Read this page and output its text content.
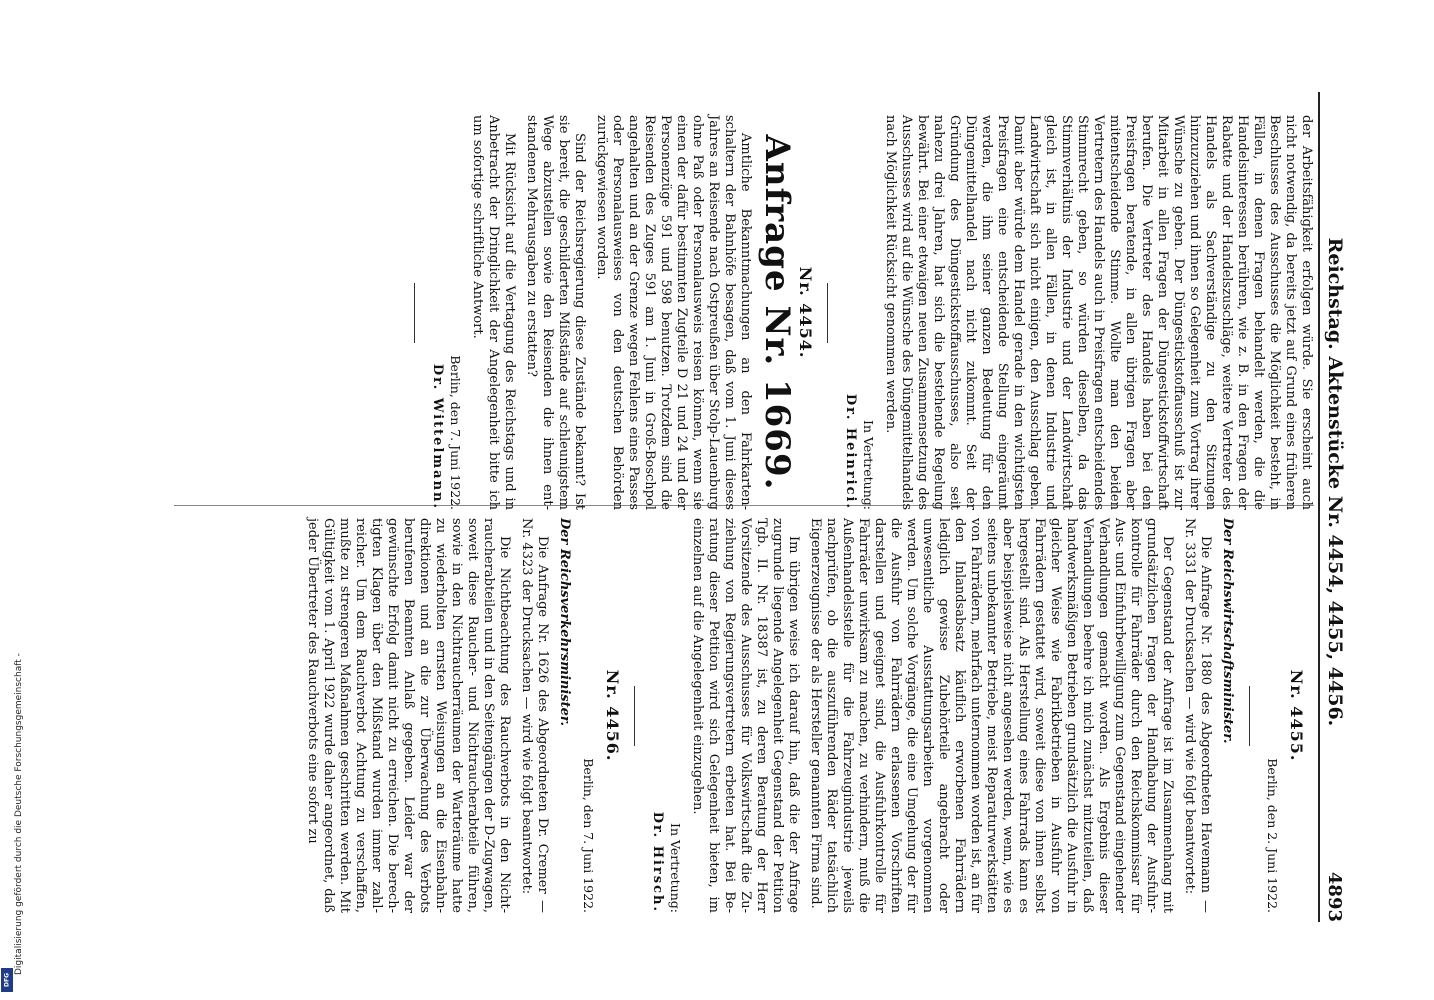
Reichstag. Aktenstücke Nr. 4454, 4455, 4456.
4893

der Arbeitsfähigkeit erfolgen würde. Sie erscheint auch nicht notwendig, da bereits jetzt auf Grund eines früheren Beschlusses des Ausschusses die Möglichkeit besteht, in Fällen, in denen Fragen behandelt werden, die die Handelsinteressen berühren, wie z. B. in den Fragen der Rabatte und der Handelszuschläge, weitere Vertreter des Handels als Sachverständige zu den Sitzungen hinzuzuziehen und ihnen so Gelegenheit zum Vortrag ihrer Wünsche zu geben. Der Düngestickstoffausschuß ist zur Mitarbeit in allen Fragen der Düngestickstoffwirtschaft berufen. Die Vertreter des Handels haben bei den Preisfragen beratende, in allen übrigen Fragen aber mitentscheidende Stimme. Wollte man den beiden Vertretern des Handels auch in Preisfragen entscheidendes Stimmrecht geben, so würden dieselben, da das Stimmverhältnis der Industrie und der Landwirtschaft gleich ist, in allen Fällen, in denen Industrie und Landwirtschaft sich nicht einigen, den Ausschlag geben. Damit aber würde dem Handel gerade in den wichtigsten Preisfragen eine entscheidende Stellung eingeräumt werden, die ihm seiner ganzen Bedeutung für den Düngemittelhandel nach nicht zukommt. Seit der Gründung des Düngestickstoffausschusses, also seit nahezu drei Jahren, hat sich die bestehende Regelung bewährt. Bei einer etwaigen neuen Zusammensetzung des Ausschusses wird auf die Wünsche des Düngemittelhandels nach Möglichkeit Rücksicht genommen werden.

In Vertretung:
Dr. Heinrici.
Nr. 4454.
Anfrage Nr. 1669.

Amtliche Bekanntmachungen an den Fahrkartenschaltern der Bahnhöfe besagen, daß vom 1. Juni dieses Jahres an Reisende nach Ostpreußen über Stolp-Lauenburg ohne Paß oder Personalausweis reisen können, wenn sie einen der dafür bestimmten Zugteile D 21 und 24 und der Personenzüge 591 und 598 benutzen. Trotzdem sind die Reisenden des Zuges 591 am 1. Juni in Groß-Boschpol angehalten und an der Grenze wegen Fehlens eines Passes oder Personalausweises von den deutschen Behörden zurückgewiesen worden.

Sind der Reichsregierung diese Zustände bekannt? Ist sie bereit, die geschilderten Mißstände auf schleunigstem Wege abzustellen sowie den Reisenden die ihnen entstandenen Mehrausgaben zu erstatten?

Mit Rücksicht auf die Vertagung des Reichstags und in Anbetracht der Dringlichkeit der Angelegenheit bitte ich um sofortige schriftliche Antwort.

Berlin, den 7. Juni 1922.
Dr. Wittelmann.
Nr. 4455.
Berlin, den 2. Juni 1922.
Der Reichswirtschaftsminister.

Die Anfrage Nr. 1880 des Abgeordneten Havemann — Nr. 3331 der Drucksachen — wird wie folgt beantwortet:

Der Gegenstand der Anfrage ist im Zusammenhang mit grundsätzlichen Fragen der Handhabung der Ausfuhrkontrolle für Fahrräder durch den Reichskommissar für Aus- und Einfuhrbewilligung zum Gegenstand eingehender Verhandlungen gemacht worden. Als Ergebnis dieser Verhandlungen beehre ich mich zunächst mitzuteilen, daß handwerksmäßigen Betrieben grundsätzlich die Ausfuhr in gleicher Weise wie Fabrikbetrieben in Ausfuhr von Fahrrädern gestattet wird, soweit diese von ihnen selbst hergestellt sind. Als Herstellung eines Fahrrads kann es aber beispielsweise nicht angesehen werden, wenn, wie es seitens unbekannter Betriebe, meist Reparaturwerkstätten von Fahrrädern, mehrfach unternommen worden ist, an für den Inlandsabsatz käuflich erworbenen Fahrrädern lediglich gewisse Zubehörteile angebracht oder unwesentliche Ausstattungsarbeiten vorgenommen werden. Um solche Vorgänge, die eine Umgehung der für die Ausfuhr von Fahrrädern erlassenen Vorschriften darstellen und geeignet sind, die Ausfuhrkontrolle für Fahrräder unwirksam zu machen, zu verhindern, muß die Außenhandelsstelle für die Fahrzeugindustrie jeweils nachprüfen, ob die auszuführenden Räder tatsächlich Eigenerzeugnisse der als Hersteller genannten Firma sind.

Im übrigen weise ich darauf hin, daß die der Anfrage zugrunde liegende Angelegenheit Gegenstand der Petition Tgb. II. Nr. 18387 ist, zu deren Beratung der Herr Vorsitzende des Ausschusses für Volkswirtschaft die Zuziehung von Regierungsvertretern erbeten hat. Bei Beratung dieser Petition wird sich Gelegenheit bieten, im einzelnen auf die Angelegenheit einzugehen.

In Vertretung:
Dr. Hirsch.
Nr. 4456.
Berlin, den 7. Juni 1922.
Der Reichsverkehrsminister.

Die Anfrage Nr. 1626 des Abgeordneten Dr. Cremer — Nr. 4323 der Drucksachen — wird wie folgt beantwortet:

Die Nichtbeachtung des Rauchverbots in den Nichtraucherabteilen und in den Seitengängen der D-Zugwagen, soweit diese Raucher- und Nichtraucherabteile führen, sowie in den Nichtraucherräumen der Warteräume hatte zu wiederholten ernsten Weisungen an die Eisenbahndirektionen und an die zur Überwachung des Verbots berufenen Beamten Anlaß gegeben. Leider war der gewünschte Erfolg damit nicht zu erreichen. Die berechtigten Klagen über den Mißstand wurden immer zahlreicher. Um dem Rauchverbot Achtung zu verschaffen, mußte zu strengeren Maßnahmen geschritten werden. Mit Gültigkeit vom 1. April 1922 wurde daher angeordnet, daß jeder Übertreter des Rauchverbots eine sofort zu

Digitalisierung gefördert durch die Deutsche Forschungsgemeinschaft -
DFG
